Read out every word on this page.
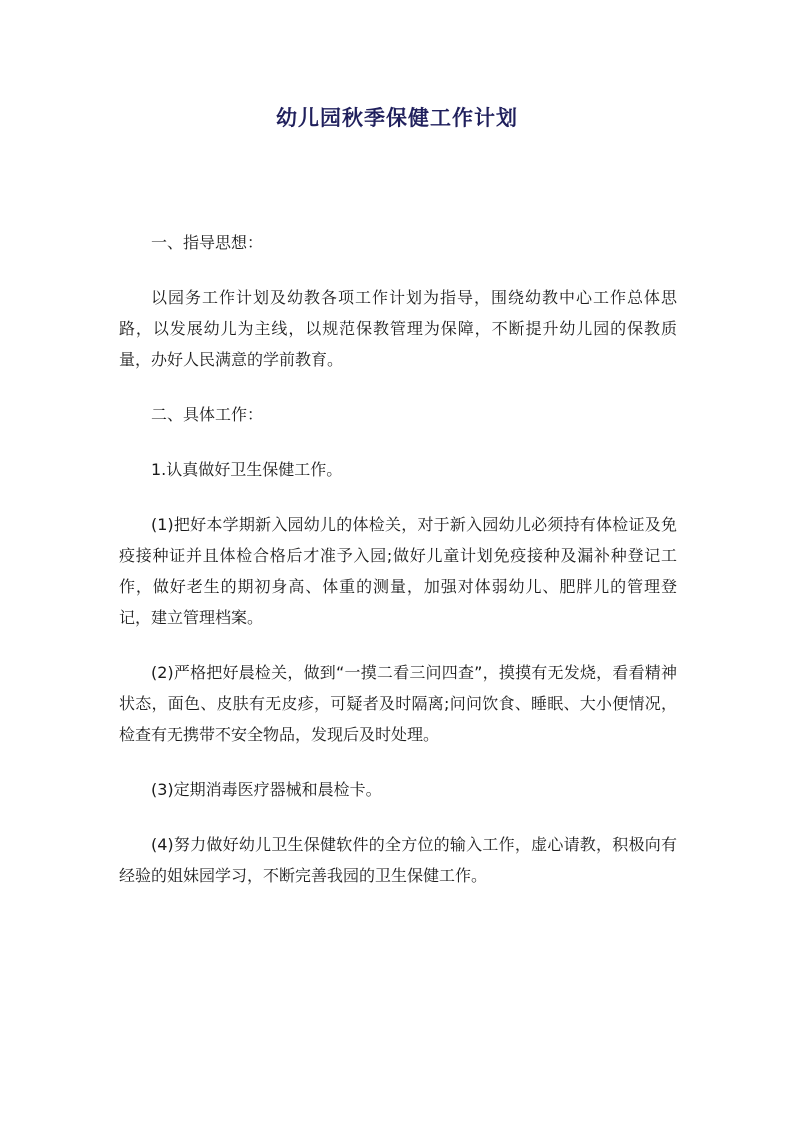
幼儿园秋季保健工作计划

一、指导思想：

以园务工作计划及幼教各项工作计划为指导，围绕幼教中心工作总体思路，以发展幼儿为主线，以规范保教管理为保障，不断提升幼儿园的保教质量，办好人民满意的学前教育。

二、具体工作：

1.认真做好卫生保健工作。

(1)把好本学期新入园幼儿的体检关，对于新入园幼儿必须持有体检证及免疫接种证并且体检合格后才准予入园;做好儿童计划免疫接种及漏补种登记工作，做好老生的期初身高、体重的测量，加强对体弱幼儿、肥胖儿的管理登记，建立管理档案。

(2)严格把好晨检关，做到“一摸二看三问四查”，摸摸有无发烧，看看精神状态，面色、皮肤有无皮疹，可疑者及时隔离;问问饮食、睡眠、大小便情况，检查有无携带不安全物品，发现后及时处理。

(3)定期消毒医疗器械和晨检卡。

(4)努力做好幼儿卫生保健软件的全方位的输入工作，虚心请教，积极向有经验的姐妹园学习，不断完善我园的卫生保健工作。
